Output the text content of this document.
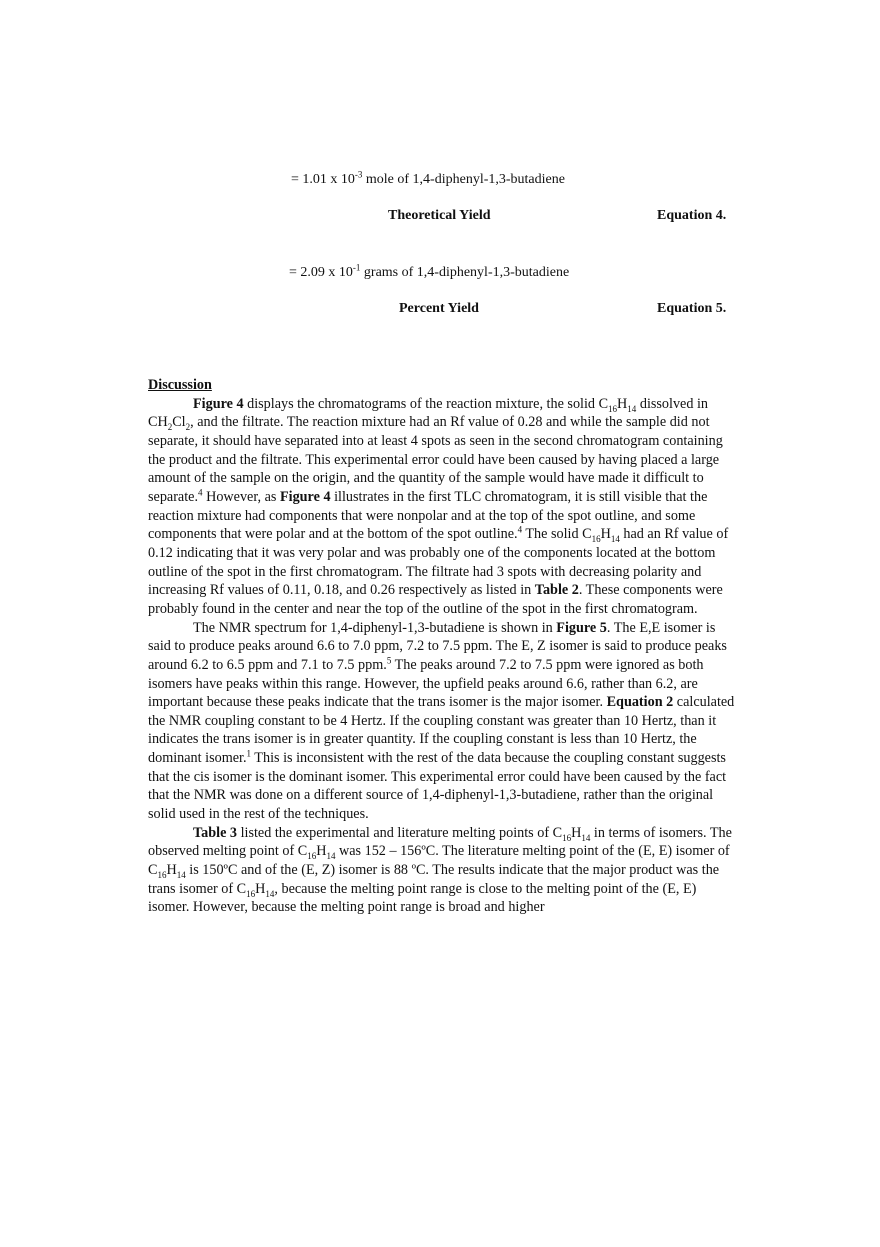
= 1.01 x $10^{-3}$ mole of 1,4-diphenyl-1,3-butadiene
Theoretical Yield	Equation 4.
= 2.09 x $10^{-1}$ grams of 1,4-diphenyl-1,3-butadiene
Percent Yield	Equation 5.
Discussion

Figure 4 displays the chromatograms of the reaction mixture, the solid $C_{16}H_{14}$ dissolved in $CH_2Cl_2$, and the filtrate. The reaction mixture had an Rf value of 0.28 and while the sample did not separate, it should have separated into at least 4 spots as seen in the second chromatogram containing the product and the filtrate. This experimental error could have been caused by having placed a large amount of the sample on the origin, and the quantity of the sample would have made it difficult to separate.$^4$ However, as Figure 4 illustrates in the first TLC chromatogram, it is still visible that the reaction mixture had components that were nonpolar and at the top of the spot outline, and some components that were polar and at the bottom of the spot outline.$^4$ The solid $C_{16}H_{14}$ had an Rf value of 0.12 indicating that it was very polar and was probably one of the components located at the bottom outline of the spot in the first chromatogram. The filtrate had 3 spots with decreasing polarity and increasing Rf values of 0.11, 0.18, and 0.26 respectively as listed in Table 2. These components were probably found in the center and near the top of the outline of the spot in the first chromatogram.

The NMR spectrum for 1,4-diphenyl-1,3-butadiene is shown in Figure 5. The E,E isomer is said to produce peaks around 6.6 to 7.0 ppm, 7.2 to 7.5 ppm. The E, Z isomer is said to produce peaks around 6.2 to 6.5 ppm and 7.1 to 7.5 ppm.$^5$ The peaks around 7.2 to 7.5 ppm were ignored as both isomers have peaks within this range. However, the upfield peaks around 6.6, rather than 6.2, are important because these peaks indicate that the trans isomer is the major isomer. Equation 2 calculated the NMR coupling constant to be 4 Hertz. If the coupling constant was greater than 10 Hertz, than it indicates the trans isomer is in greater quantity. If the coupling constant is less than 10 Hertz, the dominant isomer.$^1$ This is inconsistent with the rest of the data because the coupling constant suggests that the cis isomer is the dominant isomer. This experimental error could have been caused by the fact that the NMR was done on a different source of 1,4-diphenyl-1,3-butadiene, rather than the original solid used in the rest of the techniques.

Table 3 listed the experimental and literature melting points of $C_{16}H_{14}$ in terms of isomers. The observed melting point of $C_{16}H_{14}$ was 152 – 156ºC. The literature melting point of the (E, E) isomer of $C_{16}H_{14}$ is 150ºC and of the (E, Z) isomer is 88 ºC. The results indicate that the major product was the trans isomer of $C_{16}H_{14}$, because the melting point range is close to the melting point of the (E, E) isomer. However, because the melting point range is broad and higher
